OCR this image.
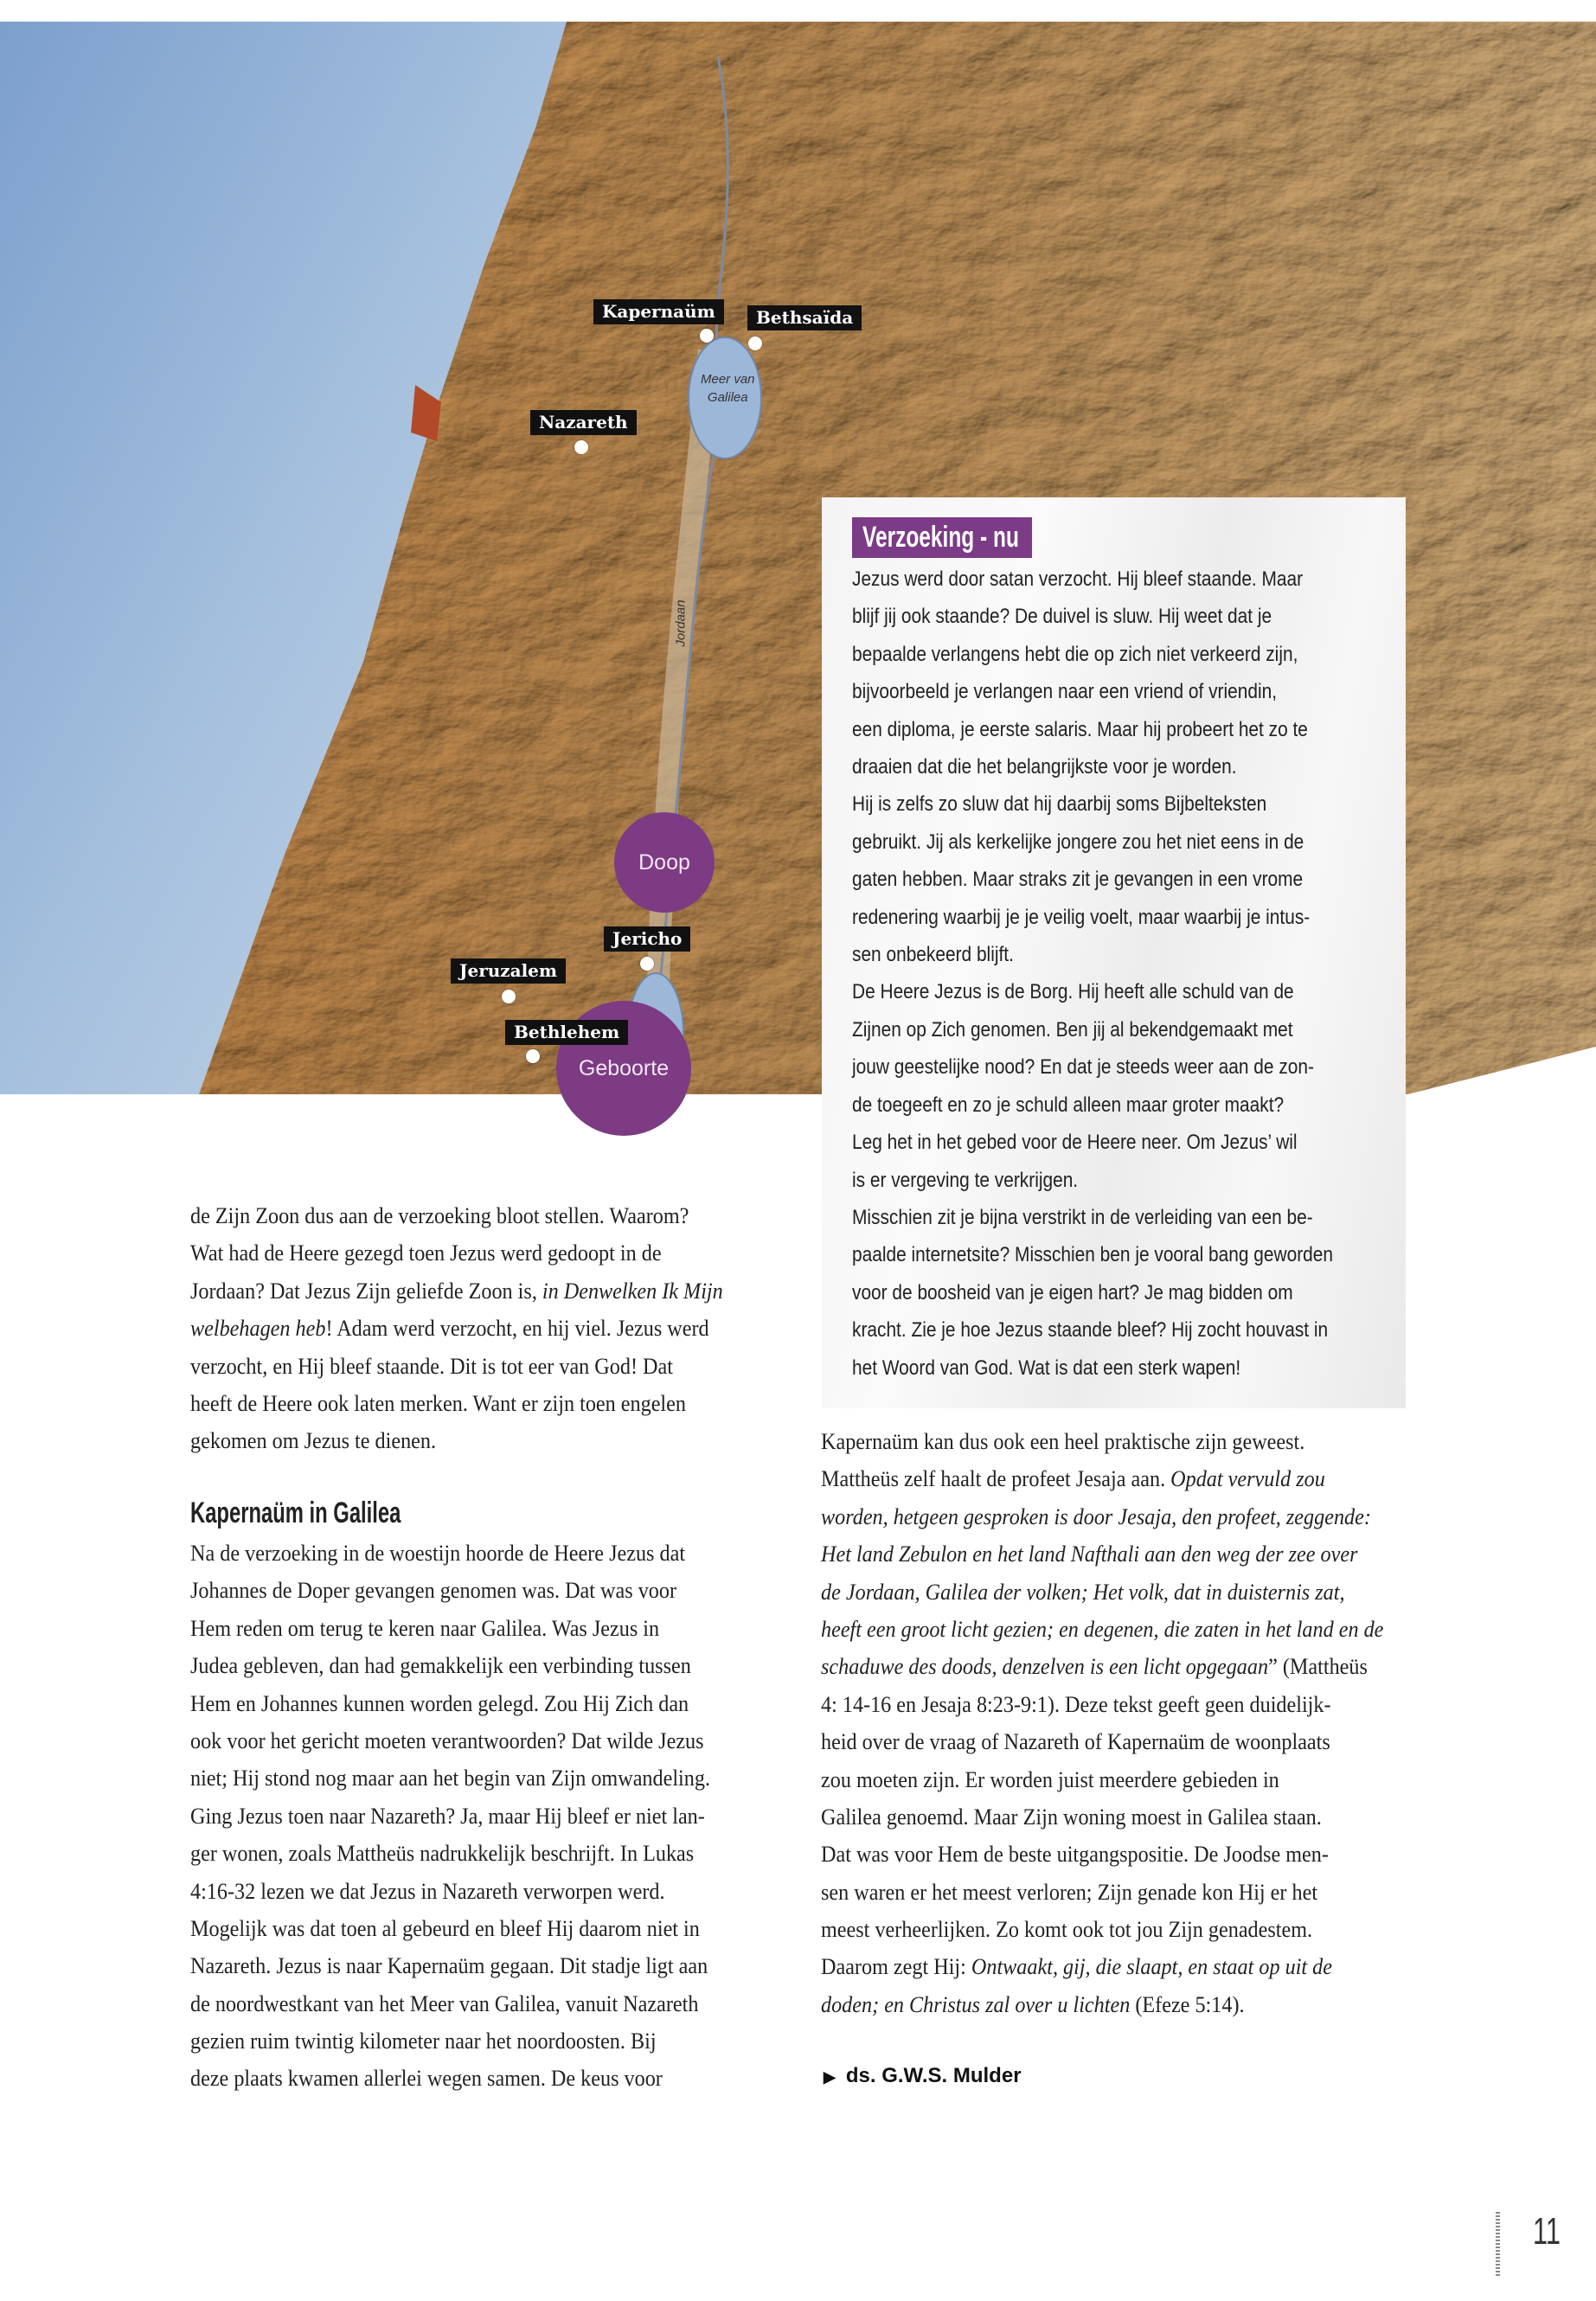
Meer van
Galilea
Jordaan
Kapernaüm	Bethsaïda
Nazareth
Jericho
Jeruzalem
Doop
Geboorte
Bethlehem
Verzoeking - nu
Jezus werd door satan verzocht. Hij bleef staande. Maar
blijf jij ook staande? De duivel is sluw. Hij weet dat je
bepaalde verlangens hebt die op zich niet verkeerd zijn,
bijvoorbeeld je verlangen naar een vriend of vriendin,
een diploma, je eerste salaris. Maar hij probeert het zo te
draaien dat die het belangrijkste voor je worden.
Hij is zelfs zo sluw dat hij daarbij soms Bijbelteksten
gebruikt. Jij als kerkelijke jongere zou het niet eens in de
gaten hebben. Maar straks zit je gevangen in een vrome
redenering waarbij je je veilig voelt, maar waarbij je intus-
sen onbekeerd blijft.
De Heere Jezus is de Borg. Hij heeft alle schuld van de
Zijnen op Zich genomen. Ben jij al bekendgemaakt met
jouw geestelijke nood? En dat je steeds weer aan de zon-
de toegeeft en zo je schuld alleen maar groter maakt?
Leg het in het gebed voor de Heere neer. Om Jezus’ wil
is er vergeving te verkrijgen.
Misschien zit je bijna verstrikt in de verleiding van een be-
paalde internetsite? Misschien ben je vooral bang geworden
voor de boosheid van je eigen hart? Je mag bidden om
kracht. Zie je hoe Jezus staande bleef? Hij zocht houvast in
het Woord van God. Wat is dat een sterk wapen!
de Zijn Zoon dus aan de verzoeking bloot stellen. Waarom?
Wat had de Heere gezegd toen Jezus werd gedoopt in de
Jordaan? Dat Jezus Zijn geliefde Zoon is, in Denwelken Ik Mijn
welbehagen heb! Adam werd verzocht, en hij viel. Jezus werd
verzocht, en Hij bleef staande. Dit is tot eer van God! Dat
heeft de Heere ook laten merken. Want er zijn toen engelen
gekomen om Jezus te dienen.
Kapernaüm in Galilea
Na de verzoeking in de woestijn hoorde de Heere Jezus dat
Johannes de Doper gevangen genomen was. Dat was voor
Hem reden om terug te keren naar Galilea. Was Jezus in
Judea gebleven, dan had gemakkelijk een verbinding tussen
Hem en Johannes kunnen worden gelegd. Zou Hij Zich dan
ook voor het gericht moeten verantwoorden? Dat wilde Jezus
niet; Hij stond nog maar aan het begin van Zijn omwandeling.
Ging Jezus toen naar Nazareth? Ja, maar Hij bleef er niet lan-
ger wonen, zoals Mattheüs nadrukkelijk beschrijft. In Lukas
4:16-32 lezen we dat Jezus in Nazareth verworpen werd.
Mogelijk was dat toen al gebeurd en bleef Hij daarom niet in
Nazareth. Jezus is naar Kapernaüm gegaan. Dit stadje ligt aan
de noordwestkant van het Meer van Galilea, vanuit Nazareth
gezien ruim twintig kilometer naar het noordoosten. Bij
deze plaats kwamen allerlei wegen samen. De keus voor
Kapernaüm kan dus ook een heel praktische zijn geweest.
Mattheüs zelf haalt de profeet Jesaja aan. Opdat vervuld zou
worden, hetgeen gesproken is door Jesaja, den profeet, zeggende:
Het land Zebulon en het land Nafthali aan den weg der zee over
de Jordaan, Galilea der volken; Het volk, dat in duisternis zat,
heeft een groot licht gezien; en degenen, die zaten in het land en de
schaduwe des doods, denzelven is een licht opgegaan” (Mattheüs
4: 14-16 en Jesaja 8:23-9:1). Deze tekst geeft geen duidelijk-
heid over de vraag of Nazareth of Kapernaüm de woonplaats
zou moeten zijn. Er worden juist meerdere gebieden in
Galilea genoemd. Maar Zijn woning moest in Galilea staan.
Dat was voor Hem de beste uitgangspositie. De Joodse men-
sen waren er het meest verloren; Zijn genade kon Hij er het
meest verheerlijken. Zo komt ook tot jou Zijn genadestem.
Daarom zegt Hij: Ontwaakt, gij, die slaapt, en staat op uit de
doden; en Christus zal over u lichten (Efeze 5:14).
▶ ds. G.W.S. Mulder
11
